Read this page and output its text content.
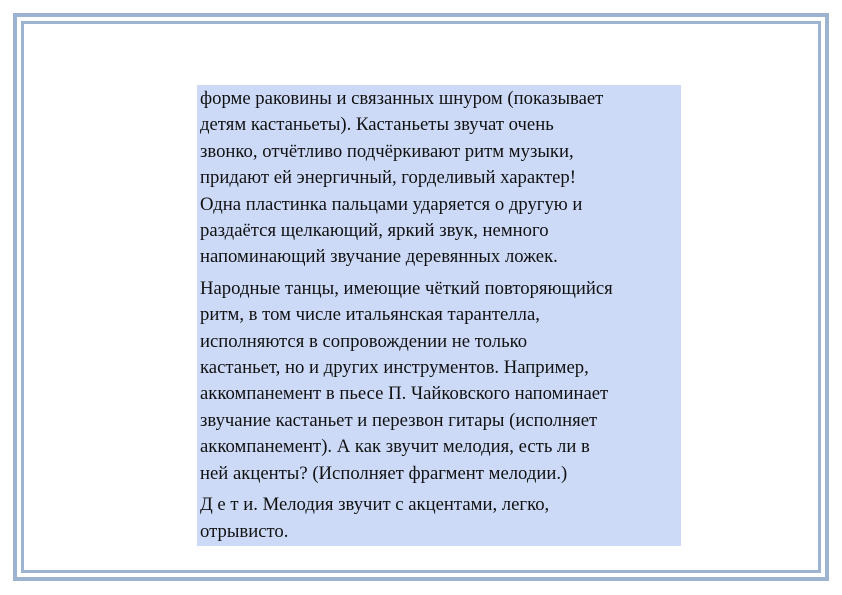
форме раковины и связанных шнуром (показывает
детям кастаньеты). Кастаньеты звучат очень
звонко, отчётливо подчёркивают ритм музыки,
придают ей энергичный, горделивый характер!
Одна пластинка пальцами ударяется о другую и
раздаётся щелкающий, яркий звук, немного
напоминающий звучание деревянных ложек.

Народные танцы, имеющие чёткий повторяющийся
ритм, в том числе итальянская тарантелла,
исполняются в сопровождении не только
кастаньет, но и других инструментов. Например,
аккомпанемент в пьесе П. Чайковского напоминает
звучание кастаньет и перезвон гитары (исполняет
аккомпанемент). А как звучит мелодия, есть ли в
ней акценты? (Исполняет фрагмент мелодии.)

Д е т и. Мелодия звучит с акцентами, легко,
отрывисто.
